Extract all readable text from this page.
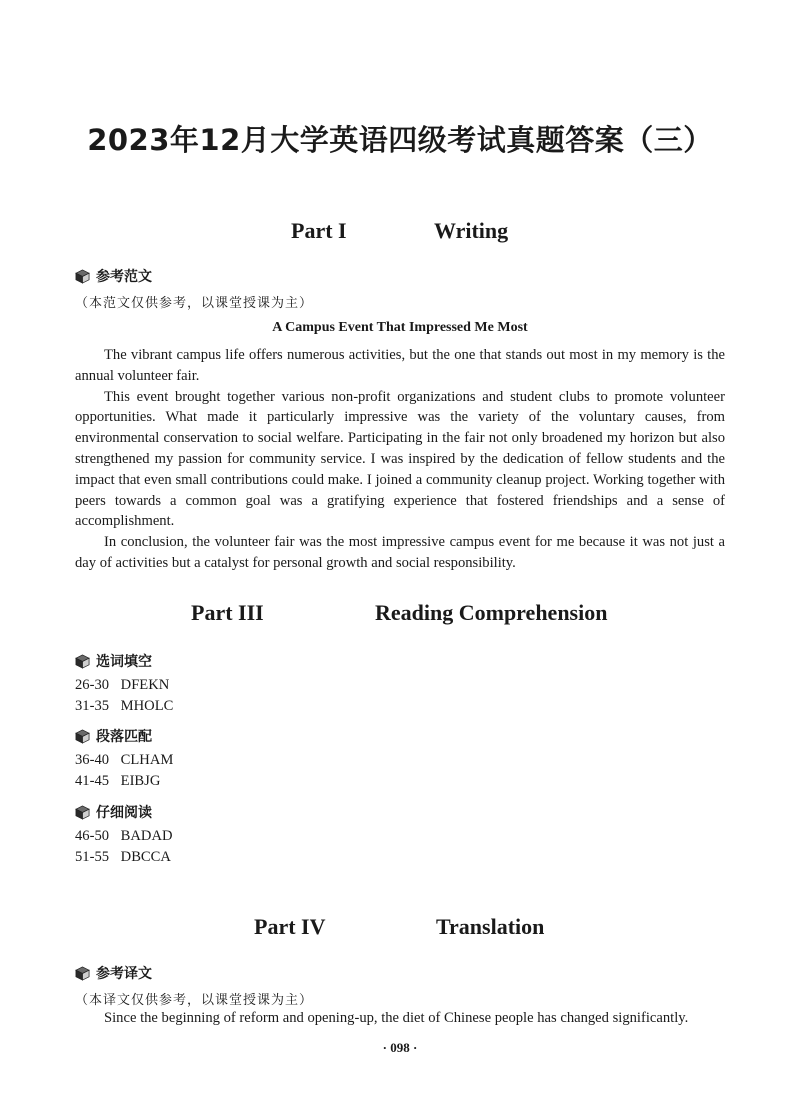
2023年12月大学英语四级考试真题答案（三）
Part I	Writing
参考范文
（本范文仅供参考，以课堂授课为主）
A Campus Event That Impressed Me Most

The vibrant campus life offers numerous activities, but the one that stands out most in my memory is the annual volunteer fair.

This event brought together various non-profit organizations and student clubs to promote volunteer opportunities. What made it particularly impressive was the variety of the voluntary causes, from environmental conservation to social welfare. Participating in the fair not only broadened my horizon but also strengthened my passion for community service. I was inspired by the dedication of fellow students and the impact that even small contributions could make. I joined a community cleanup project. Working together with peers towards a common goal was a gratifying experience that fostered friendships and a sense of accomplishment.

In conclusion, the volunteer fair was the most impressive campus event for me because it was not just a day of activities but a catalyst for personal growth and social responsibility.

Part III	Reading Comprehension
选词填空
26-30 DFEKN
31-35 MHOLC
段落匹配
36-40 CLHAM
41-45 EIBJG
仔细阅读
46-50 BADAD
51-55 DBCCA
Part IV	Translation
参考译文
（本译文仅供参考，以课堂授课为主）
Since the beginning of reform and opening-up, the diet of Chinese people has changed significantly.
· 098 ·
